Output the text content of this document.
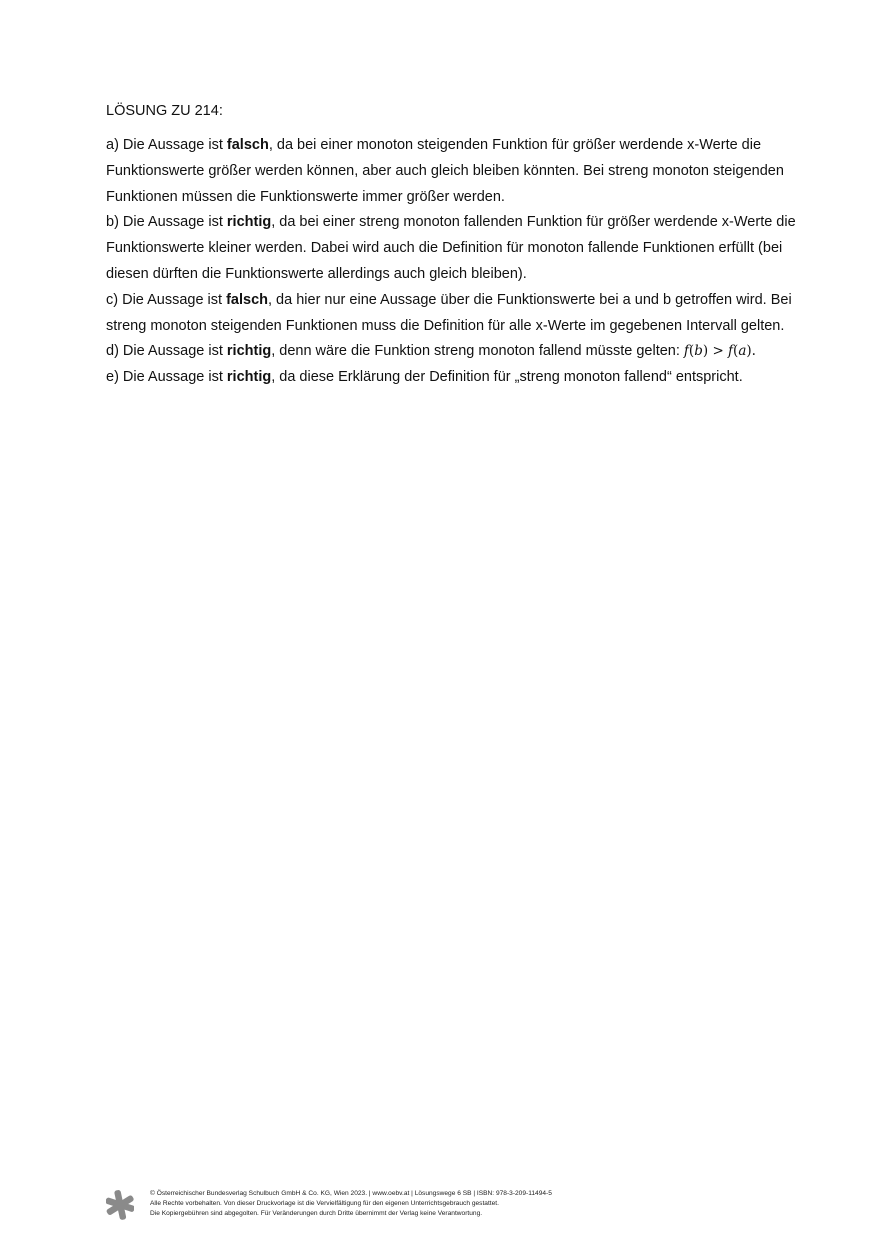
LÖSUNG ZU 214:

a) Die Aussage ist falsch, da bei einer monoton steigenden Funktion für größer werdende x-Werte die Funktionswerte größer werden können, aber auch gleich bleiben könnten. Bei streng monoton steigenden Funktionen müssen die Funktionswerte immer größer werden.

b) Die Aussage ist richtig, da bei einer streng monoton fallenden Funktion für größer werdende x-Werte die Funktionswerte kleiner werden. Dabei wird auch die Definition für monoton fallende Funktionen erfüllt (bei diesen dürften die Funktionswerte allerdings auch gleich bleiben).

c) Die Aussage ist falsch, da hier nur eine Aussage über die Funktionswerte bei a und b getroffen wird. Bei streng monoton steigenden Funktionen muss die Definition für alle x-Werte im gegebenen Intervall gelten.

d) Die Aussage ist richtig, denn wäre die Funktion streng monoton fallend müsste gelten: f(b) > f(a).

e) Die Aussage ist richtig, da diese Erklärung der Definition für „streng monoton fallend“ entspricht.

© Österreichischer Bundesverlag Schulbuch GmbH & Co. KG, Wien 2023. | www.oebv.at | Lösungswege 6 SB | ISBN: 978-3-209-11494-5
Alle Rechte vorbehalten. Von dieser Druckvorlage ist die Vervielfältigung für den eigenen Unterrichtsgebrauch gestattet.
Die Kopiergebühren sind abgegolten. Für Veränderungen durch Dritte übernimmt der Verlag keine Verantwortung.
